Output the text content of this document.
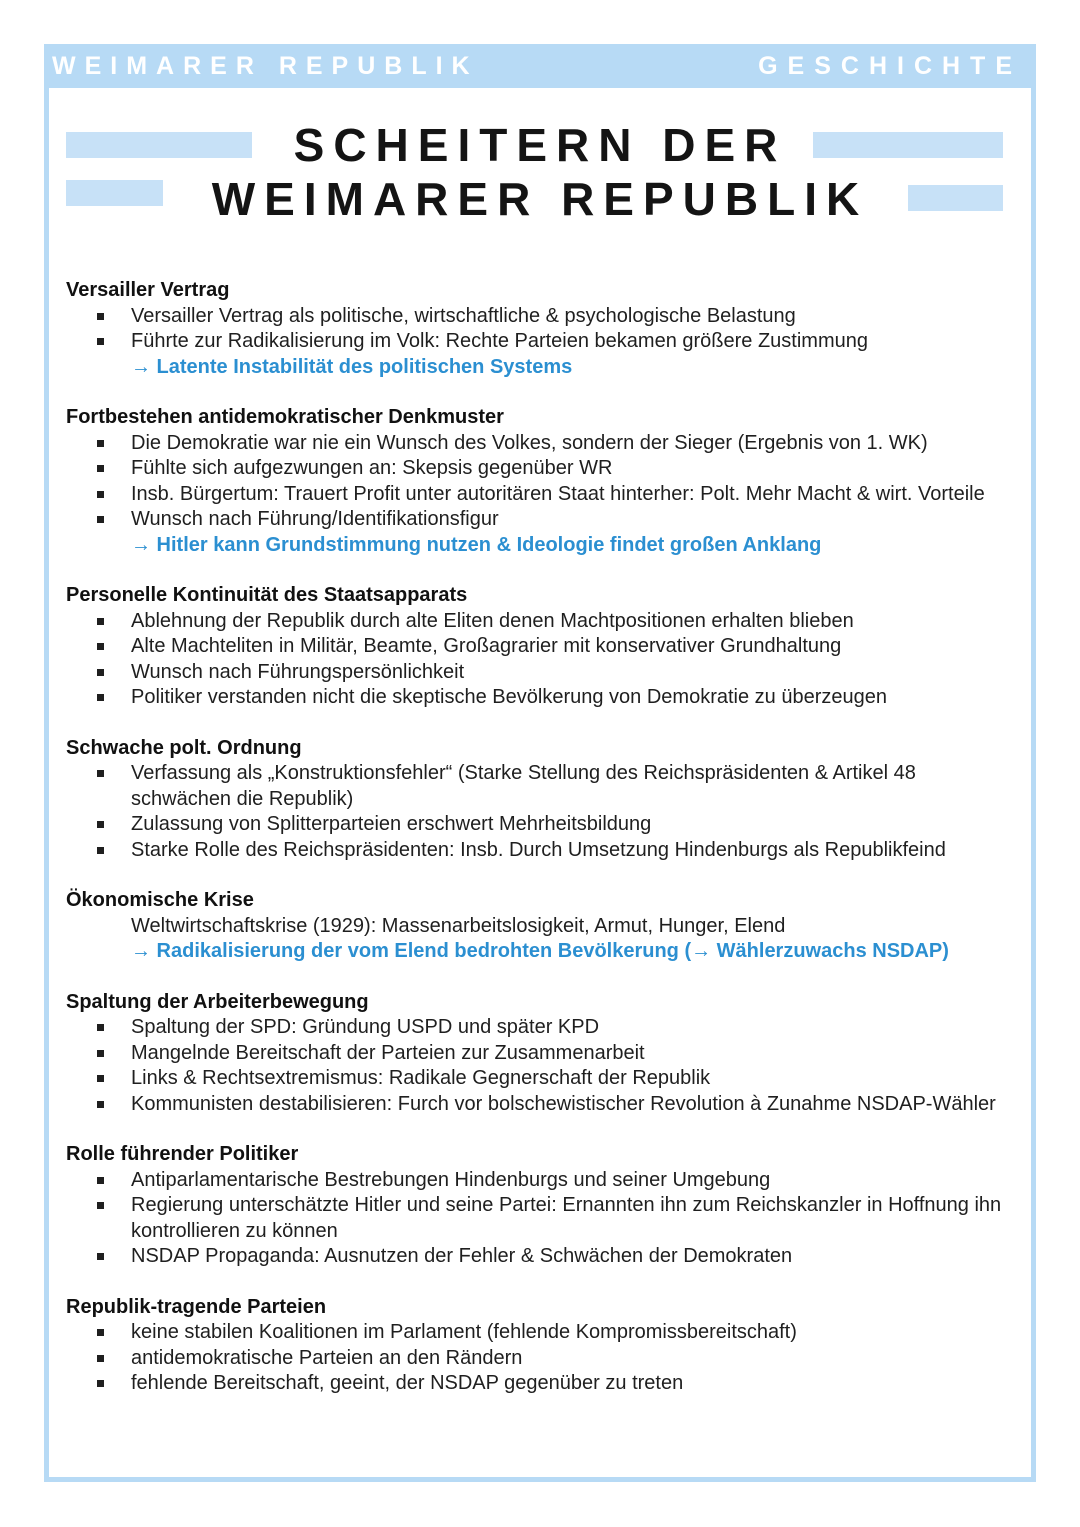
WEIMARER REPUBLIK	GESCHICHTE
SCHEITERN DER
WEIMARER REPUBLIK
Versailler Vertrag
Versailler Vertrag als politische, wirtschaftliche & psychologische Belastung
Führte zur Radikalisierung im Volk: Rechte Parteien bekamen größere Zustimmung
→ Latente Instabilität des politischen Systems
Fortbestehen antidemokratischer Denkmuster
Die Demokratie war nie ein Wunsch des Volkes, sondern der Sieger (Ergebnis von 1. WK)
Fühlte sich aufgezwungen an: Skepsis gegenüber WR
Insb. Bürgertum: Trauert Profit unter autoritären Staat hinterher: Polt. Mehr Macht & wirt. Vorteile
Wunsch nach Führung/Identifikationsfigur
→ Hitler kann Grundstimmung nutzen & Ideologie findet großen Anklang
Personelle Kontinuität des Staatsapparats
Ablehnung der Republik durch alte Eliten denen Machtpositionen erhalten blieben
Alte Machteliten in Militär, Beamte, Großagrarier mit konservativer Grundhaltung
Wunsch nach Führungspersönlichkeit
Politiker verstanden nicht die skeptische Bevölkerung von Demokratie zu überzeugen
Schwache polt. Ordnung
Verfassung als „Konstruktionsfehler“ (Starke Stellung des Reichspräsidenten & Artikel 48 schwächen die Republik)
Zulassung von Splitterparteien erschwert Mehrheitsbildung
Starke Rolle des Reichspräsidenten: Insb. Durch Umsetzung Hindenburgs als Republikfeind
Ökonomische Krise
Weltwirtschaftskrise (1929): Massenarbeitslosigkeit, Armut, Hunger, Elend
→ Radikalisierung der vom Elend bedrohten Bevölkerung (→ Wählerzuwachs NSDAP)
Spaltung der Arbeiterbewegung
Spaltung der SPD: Gründung USPD und später KPD
Mangelnde Bereitschaft der Parteien zur Zusammenarbeit
Links & Rechtsextremismus: Radikale Gegnerschaft der Republik
Kommunisten destabilisieren: Furch vor bolschewistischer Revolution à Zunahme NSDAP-Wähler
Rolle führender Politiker
Antiparlamentarische Bestrebungen Hindenburgs und seiner Umgebung
Regierung unterschätzte Hitler und seine Partei: Ernannten ihn zum Reichskanzler in Hoffnung ihn kontrollieren zu können
NSDAP Propaganda: Ausnutzen der Fehler & Schwächen der Demokraten
Republik-tragende Parteien
keine stabilen Koalitionen im Parlament (fehlende Kompromissbereitschaft)
antidemokratische Parteien an den Rändern
fehlende Bereitschaft, geeint, der NSDAP gegenüber zu treten
